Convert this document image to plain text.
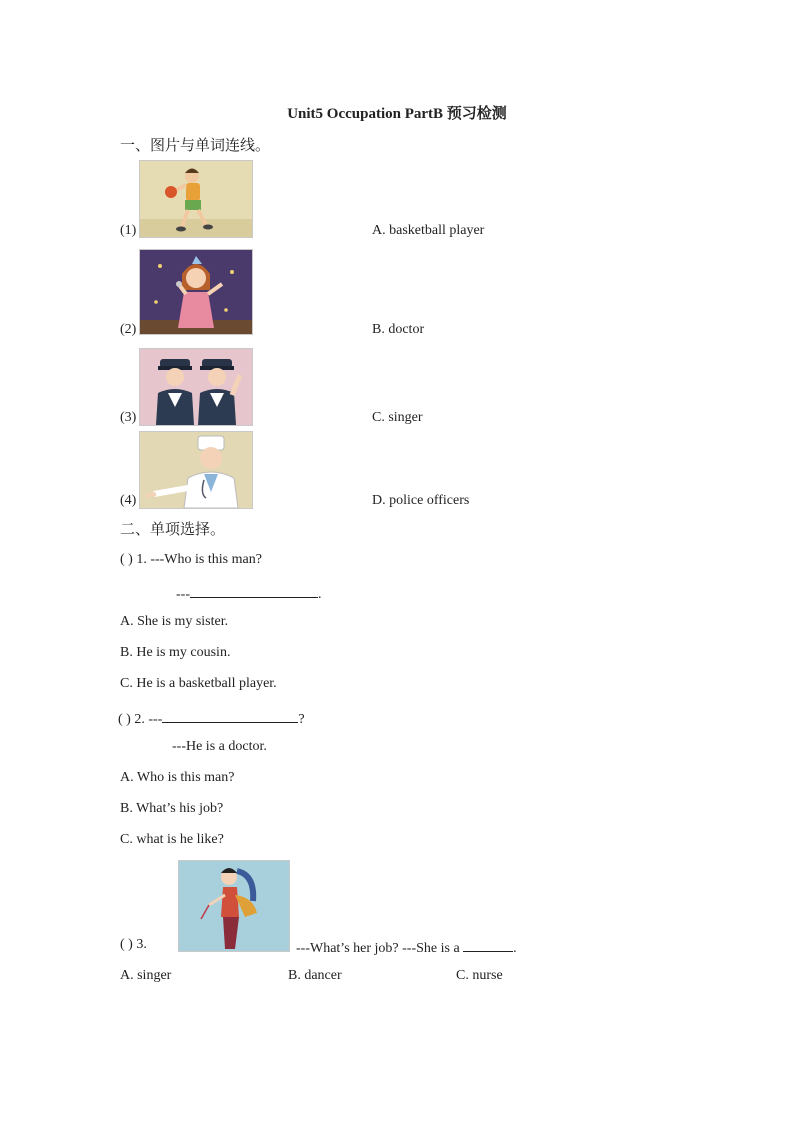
Unit5 Occupation PartB 预习检测
一、图片与单词连线。
(1)	A. basketball player
(2)	B. doctor
(3)	C. singer
(4)	D. police officers
二、单项选择。
( ) 1. ---Who is this man?
---	.
A. She is my sister.
B. He is my cousin.
C. He is a basketball player.
( ) 2. ---	?
---He is a doctor.
A. Who is this man?
B. What’s his job?
C. what is he like?
( ) 3.	---What’s her job? ---She is a	.
A. singer	B. dancer	C. nurse
